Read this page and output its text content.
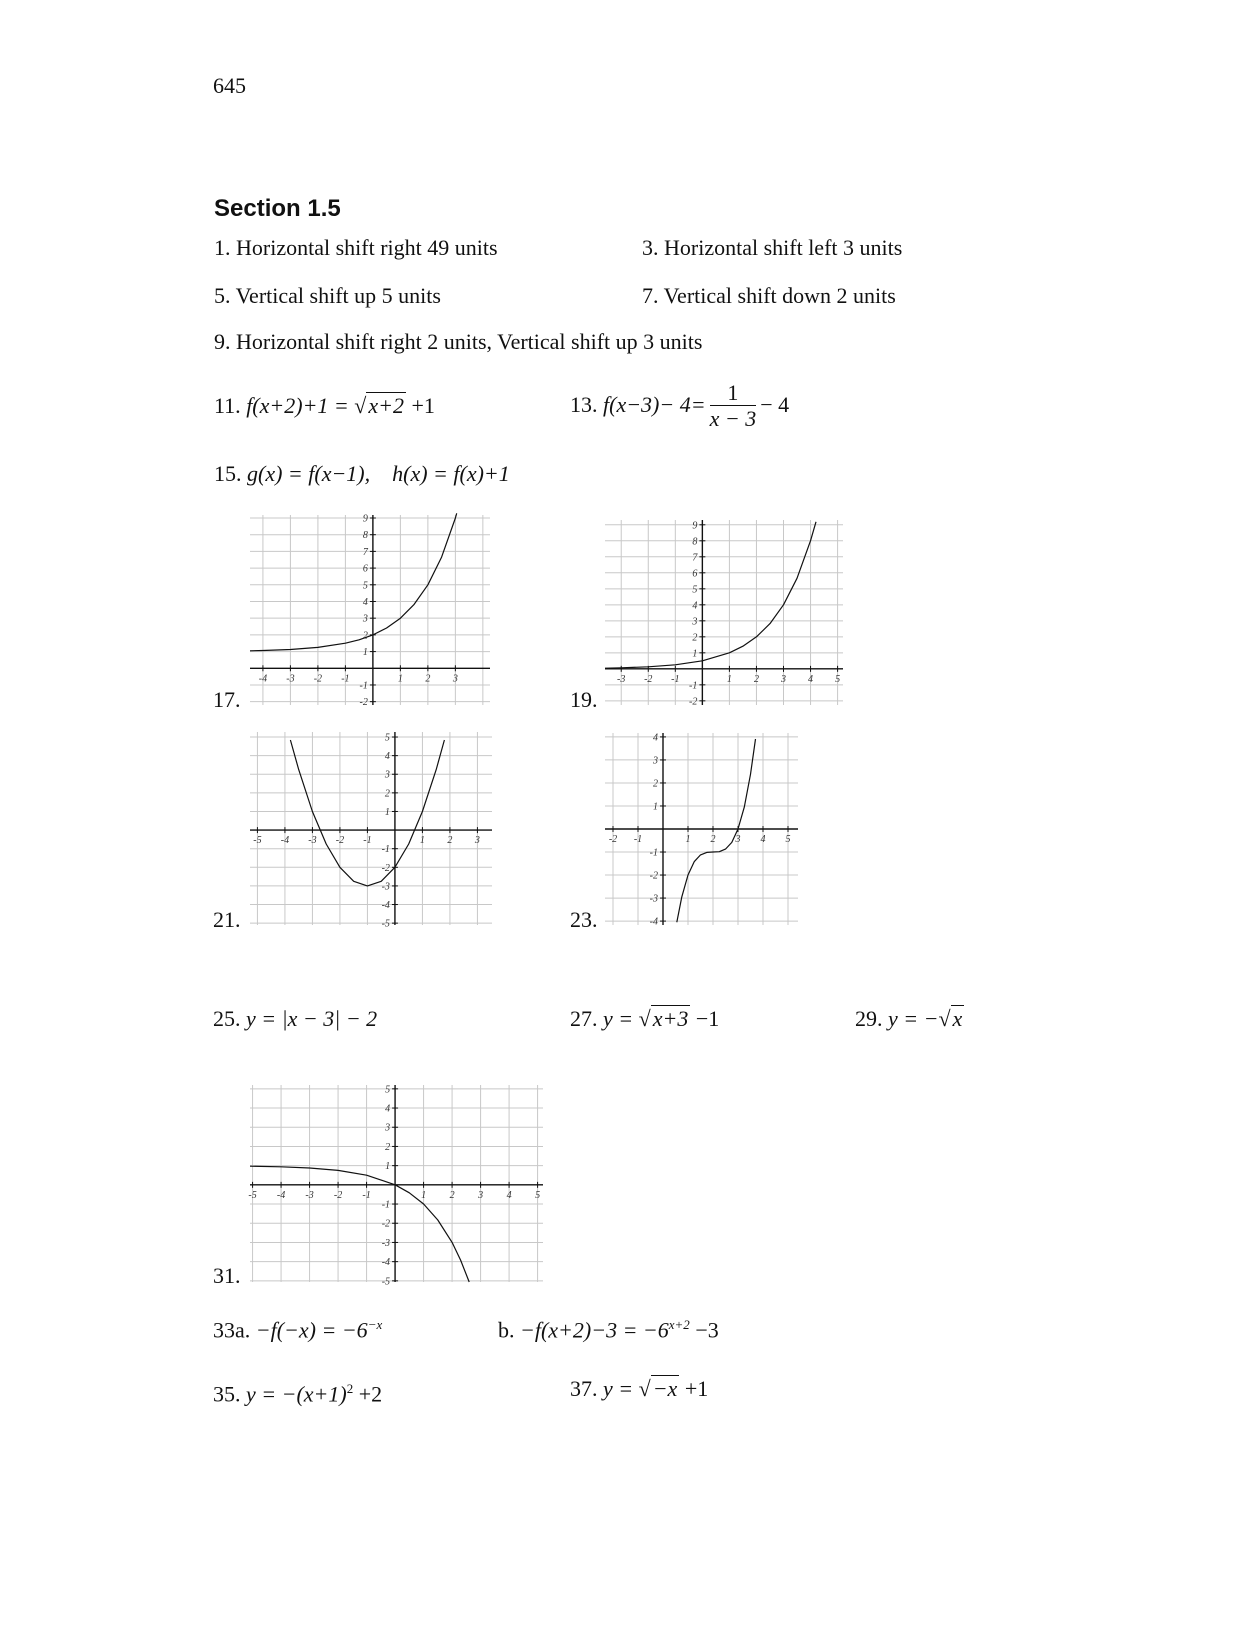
645
Section 1.5
1. Horizontal shift right 49 units	3. Horizontal shift left 3 units
5. Vertical shift up 5 units	7. Vertical shift down 2 units
9. Horizontal shift right 2 units, Vertical shift up 3 units
11. f(x+2)+1 = √x+2 +1	13. $f(x-3)- 4= \frac{1}{x - 3} - 4$
15. g(x) = f(x−1), h(x) = f(x)+1
17.
-4 -3 -2 -1	1 2 3
-2
-1
1
2
3
4
5
6
7
8
9
19.
-3 -2 -1	1 2 3 4 5
-2
-1
1
2
3
4
5
6
7
8
9
21.
-5 -4 -3 -2 -1	1 2 3
-5
-4
-3
-2
-1
1
2
3
4
5
23.
-2 -1	1 2 3 4 5
-4
-3
-2
-1
1
2
3
4
25. y = |x − 3| − 2	27. y = √x+3 −1	29. y = −√x
31.
-5 -4 -3 -2 -1	1 2 3 4 5
-5
-4
-3
-2
-1
1
2
3
4
5
33a. $-f(-x) = -6^{-x}$	b. $-f(x+2)-3 = -6^{x+2} -3$
35. $y = -(x+1)^2 +2$	37. y = √−x +1
